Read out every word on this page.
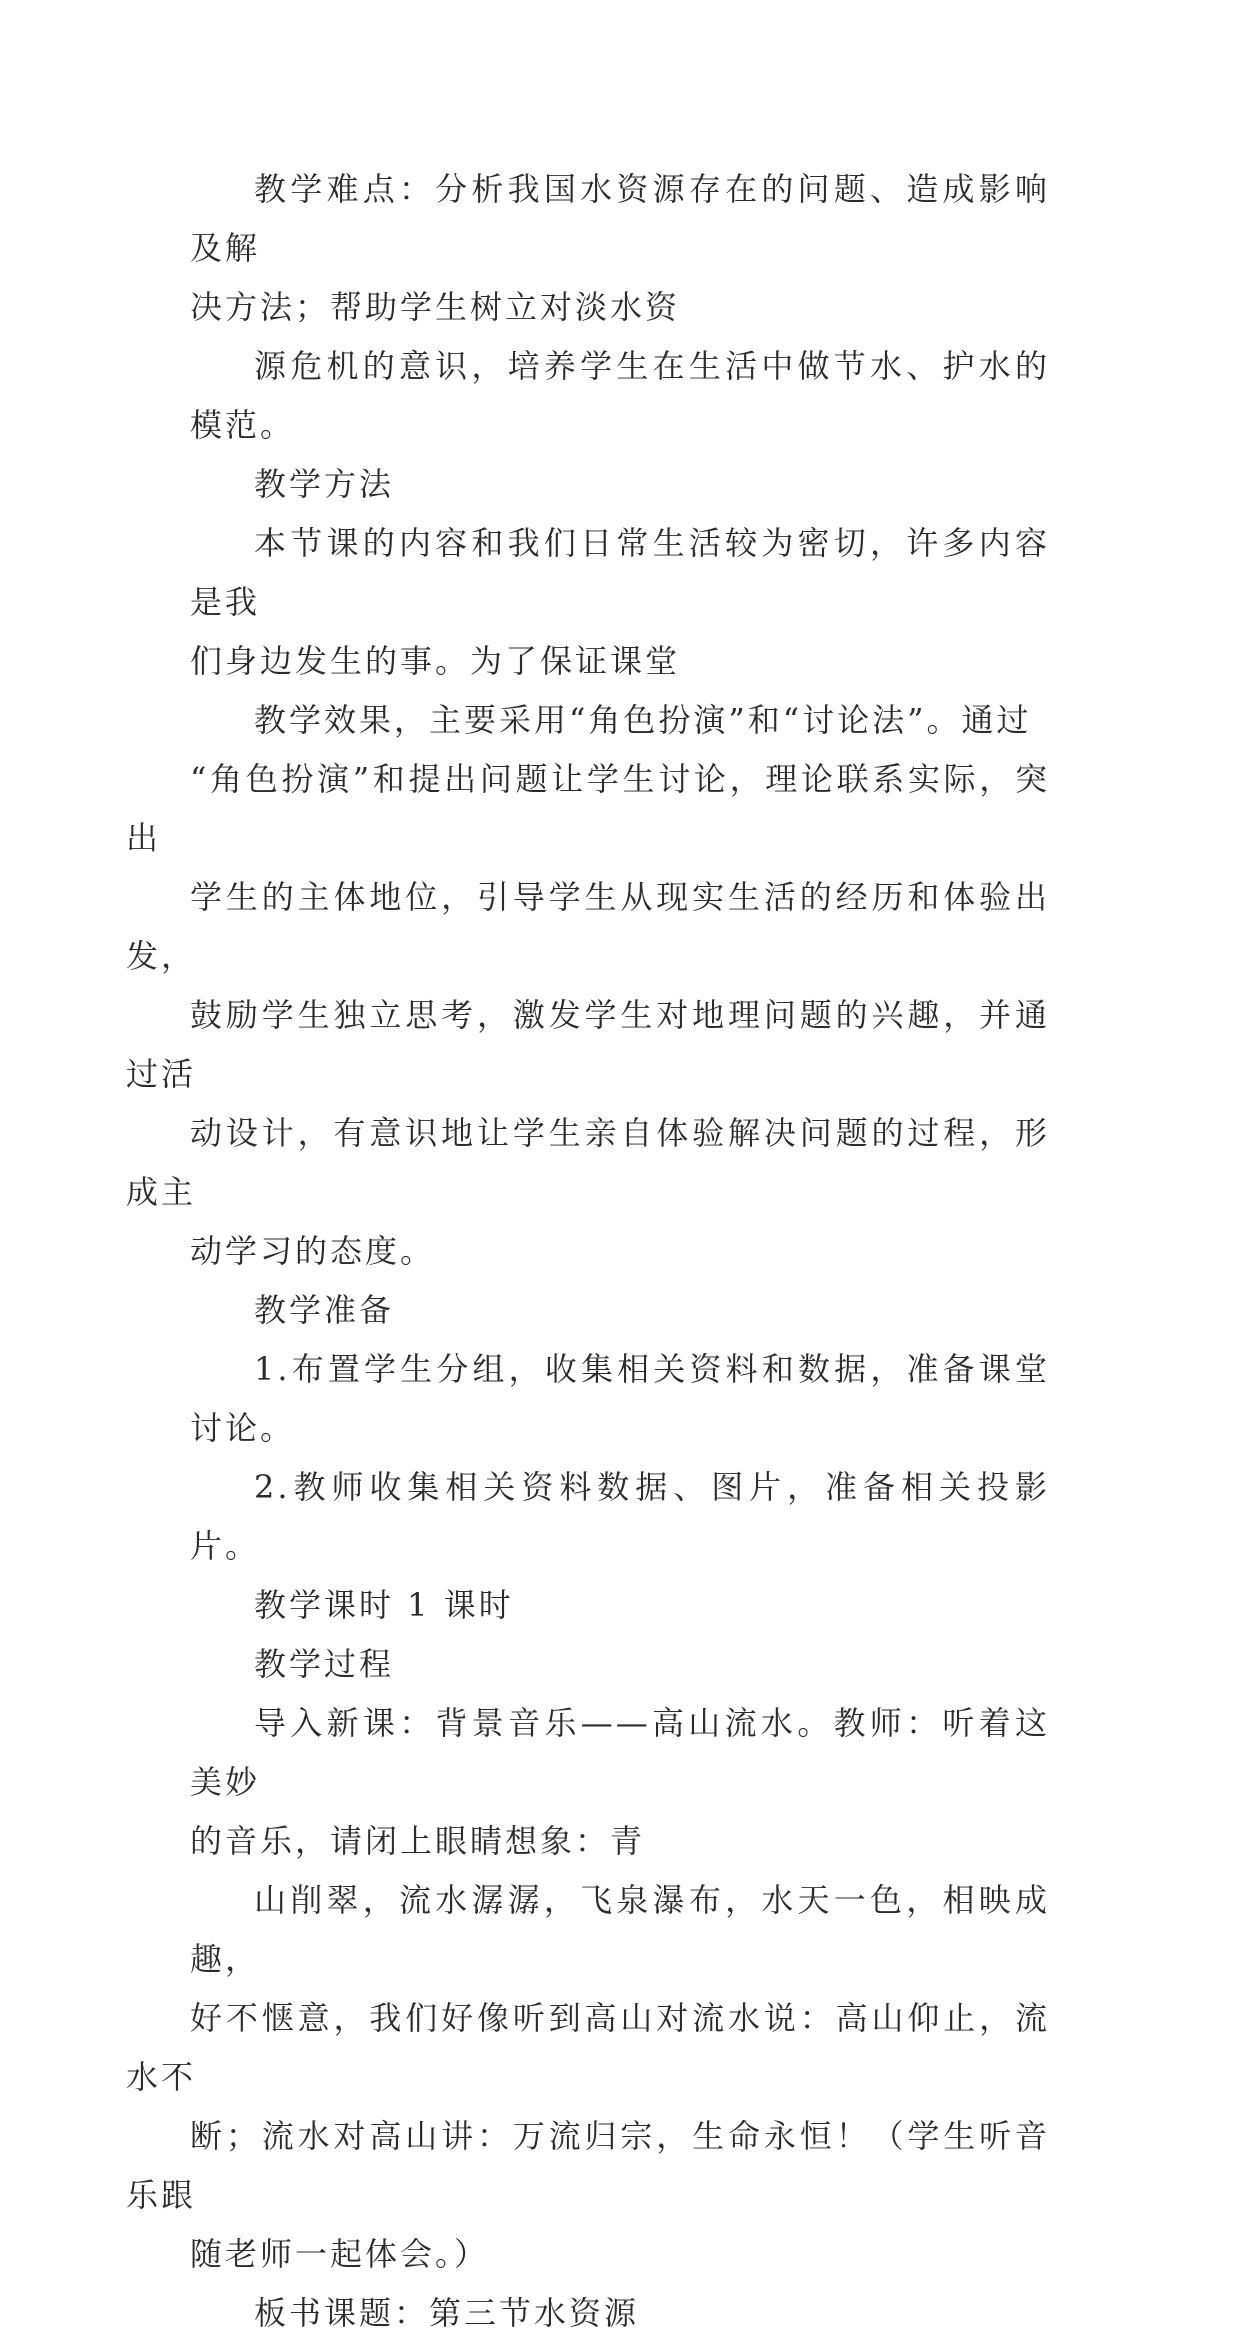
教学难点：分析我国水资源存在的问题、造成影响及解
决方法；帮助学生树立对淡水资
源危机的意识，培养学生在生活中做节水、护水的模范。
教学方法
本节课的内容和我们日常生活较为密切，许多内容是我
们身边发生的事。为了保证课堂
教学效果，主要采用“角色扮演”和“讨论法”。通过
“角色扮演”和提出问题让学生讨论，理论联系实际，突出
学生的主体地位，引导学生从现实生活的经历和体验出发，
鼓励学生独立思考，激发学生对地理问题的兴趣，并通过活
动设计，有意识地让学生亲自体验解决问题的过程，形成主
动学习的态度。
教学准备
1.布置学生分组，收集相关资料和数据，准备课堂讨论。
2.教师收集相关资料数据、图片，准备相关投影片。
教学课时 1 课时
教学过程
导入新课：背景音乐——高山流水。教师：听着这美妙
的音乐，请闭上眼睛想象：青
山削翠，流水潺潺，飞泉瀑布，水天一色，相映成趣，
好不惬意，我们好像听到高山对流水说：高山仰止，流水不
断；流水对高山讲：万流归宗，生命永恒！（学生听音乐跟
随老师一起体会。）
板书课题：第三节水资源
